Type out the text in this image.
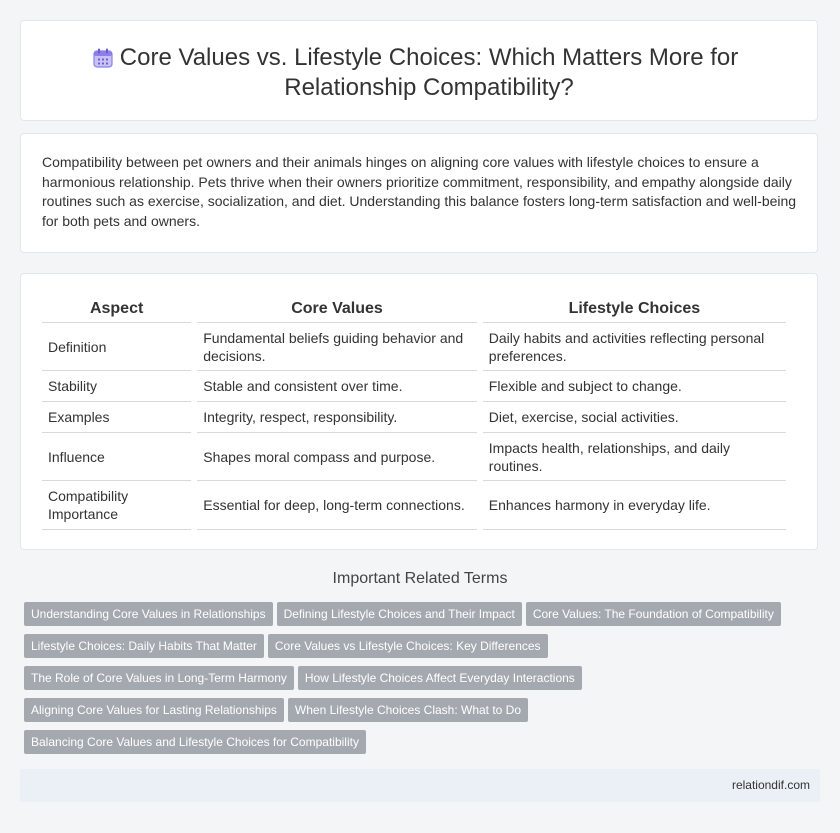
Core Values vs. Lifestyle Choices: Which Matters More for Relationship Compatibility?
Compatibility between pet owners and their animals hinges on aligning core values with lifestyle choices to ensure a harmonious relationship. Pets thrive when their owners prioritize commitment, responsibility, and empathy alongside daily routines such as exercise, socialization, and diet. Understanding this balance fosters long-term satisfaction and well-being for both pets and owners.
Aspect	Core Values	Lifestyle Choices
Definition	Fundamental beliefs guiding behavior and decisions.	Daily habits and activities reflecting personal preferences.
Stability	Stable and consistent over time.	Flexible and subject to change.
Examples	Integrity, respect, responsibility.	Diet, exercise, social activities.
Influence	Shapes moral compass and purpose.	Impacts health, relationships, and daily routines.
Compatibility Importance	Essential for deep, long-term connections.	Enhances harmony in everyday life.
Important Related Terms
Understanding Core Values in Relationships Defining Lifestyle Choices and Their Impact Core Values: The Foundation of Compatibility
Lifestyle Choices: Daily Habits That Matter Core Values vs Lifestyle Choices: Key Differences
The Role of Core Values in Long-Term Harmony How Lifestyle Choices Affect Everyday Interactions
Aligning Core Values for Lasting Relationships When Lifestyle Choices Clash: What to Do
Balancing Core Values and Lifestyle Choices for Compatibility
relationdif.com
